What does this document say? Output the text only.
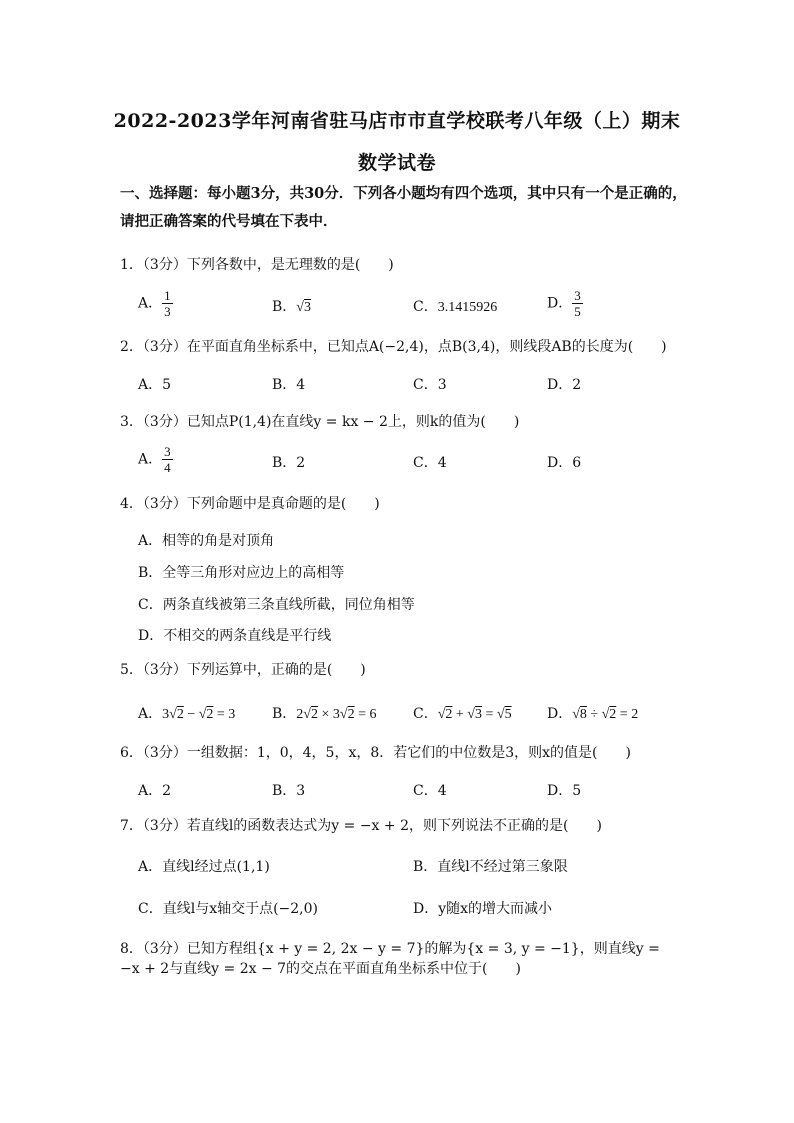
2022-2023学年河南省驻马店市市直学校联考八年级（上）期末
数学试卷
一、选择题：每小题3分，共30分．下列各小题均有四个选项，其中只有一个是正确的，请把正确答案的代号填在下表中．
1．（3分）下列各数中，是无理数的是(　　)
A． $\frac{1}{3}$	B．√3	C．3.1415926	D． $\frac{3}{5}$
2．（3分）在平面直角坐标系中，已知点A(−2,4)，点B(3,4)，则线段AB的长度为(　　)
A．5	B．4	C．3	D．2
3．（3分）已知点P(1,4)在直线y = kx − 2上，则k的值为(　　)
A． $\frac{3}{4}$	B．2	C．4	D．6
4．（3分）下列命题中是真命题的是(　　)
A．相等的角是对顶角
B．全等三角形对应边上的高相等
C．两条直线被第三条直线所截，同位角相等
D．不相交的两条直线是平行线
5．（3分）下列运算中，正确的是(　　)
A．3√2 − √2 = 3	B．2√2 × 3√2 = 6	C．√2 + √3 = √5	D．√8 ÷ √2 = 2
6．（3分）一组数据：1，0，4，5，x，8．若它们的中位数是3，则x的值是(　　)
A．2	B．3	C．4	D．5
7．（3分）若直线l的函数表达式为y = −x + 2，则下列说法不正确的是(　　)
A．直线l经过点(1,1)	B．直线l不经过第三象限
C．直线l与x轴交于点(−2,0)	D．y随x的增大而减小
8．（3分）已知方程组{x + y = 2, 2x − y = 7}的解为{x = 3, y = −1}，则直线y = −x + 2与直线y = 2x − 7的交点在平面直角坐标系中位于(　　)
